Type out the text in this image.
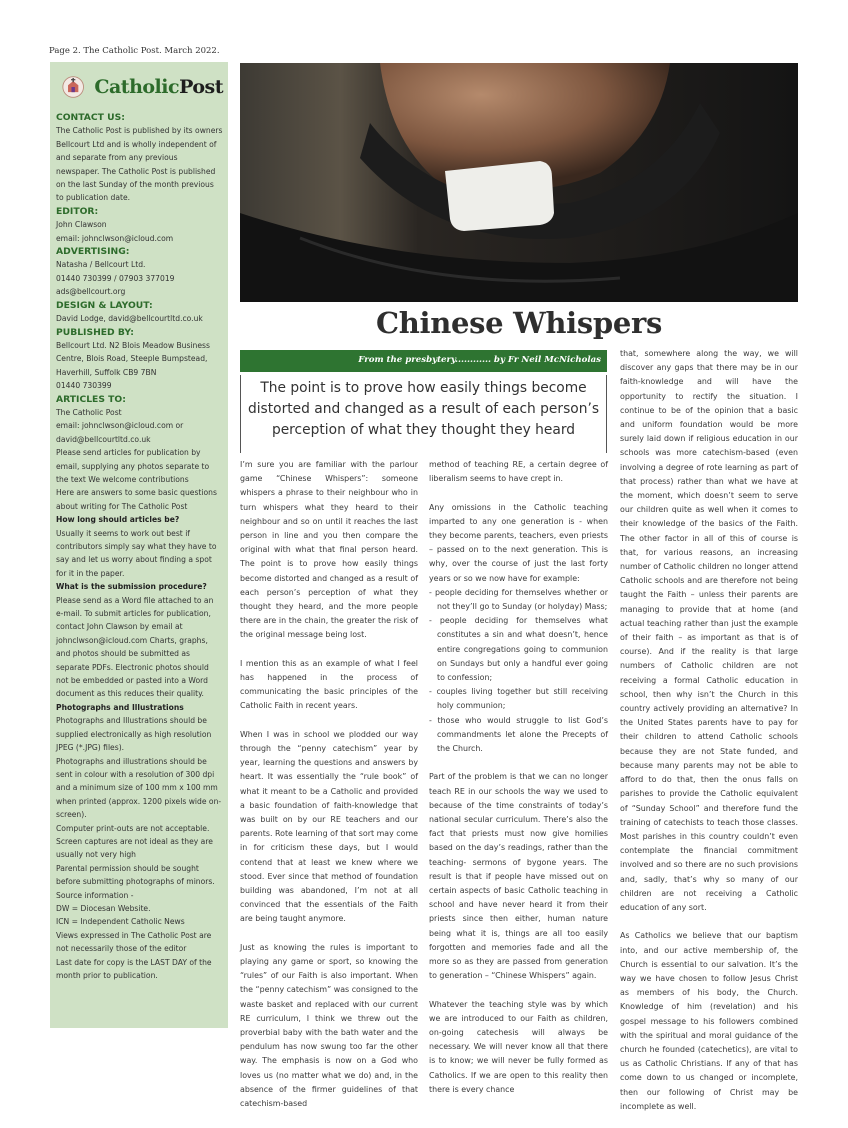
Page 2. The Catholic Post. March 2022.
CatholicPost
CONTACT US:
The Catholic Post is published by its owners Bellcourt Ltd and is wholly independent of and separate from any previous newspaper. The Catholic Post is published on the last Sunday of the month previous to publication date.
EDITOR:
John Clawson
email: johnclwson@icloud.com
ADVERTISING:
Natasha / Bellcourt Ltd.
01440 730399 / 07903 377019
ads@bellcourt.org
DESIGN & LAYOUT:
David Lodge, david@bellcourtltd.co.uk
PUBLISHED BY:
Bellcourt Ltd. N2 Blois Meadow Business Centre, Blois Road, Steeple Bumpstead, Haverhill, Suffolk CB9 7BN
01440 730399
ARTICLES TO:
The Catholic Post
email: johnclwson@icloud.com or david@bellcourtltd.co.uk
Please send articles for publication by email, supplying any photos separate to the text We welcome contributions
Here are answers to some basic questions about writing for The Catholic Post
How long should articles be?
Usually it seems to work out best if contributors simply say what they have to say and let us worry about finding a spot for it in the paper.
What is the submission procedure?
Please send as a Word file attached to an e-mail. To submit articles for publication, contact John Clawson by email at johnclwson@icloud.com Charts, graphs, and photos should be submitted as separate PDFs. Electronic photos should not be embedded or pasted into a Word document as this reduces their quality.
Photographs and Illustrations
Photographs and Illustrations should be supplied electronically as high resolution JPEG (*.JPG) files).
Photographs and illustrations should be sent in colour with a resolution of 300 dpi and a minimum size of 100 mm x 100 mm when printed (approx. 1200 pixels wide on-screen).
Computer print-outs are not acceptable. Screen captures are not ideal as they are usually not very high
Parental permission should be sought before submitting photographs of minors.
Source information -
DW = Diocesan Website.
ICN = Independent Catholic News
Views expressed in The Catholic Post are not necessarily those of the editor
Last date for copy is the LAST DAY of the month prior to publication.
Chinese Whispers
From the presbytery............ by Fr Neil McNicholas
The point is to prove how easily things become distorted and changed as a result of each person’s perception of what they thought they heard

I’m sure you are familiar with the parlour game “Chinese Whispers”: someone whispers a phrase to their neighbour who in turn whispers what they heard to their neighbour and so on until it reaches the last person in line and you then compare the original with what that final person heard. The point is to prove how easily things become distorted and changed as a result of each person’s perception of what they thought they heard, and the more people there are in the chain, the greater the risk of the original message being lost.

I mention this as an example of what I feel has happened in the process of communicating the basic principles of the Catholic Faith in recent years.

When I was in school we plodded our way through the “penny catechism” year by year, learning the questions and answers by heart. It was essentially the “rule book” of what it meant to be a Catholic and provided a basic foundation of faith-knowledge that was built on by our RE teachers and our parents. Rote learning of that sort may come in for criticism these days, but I would contend that at least we knew where we stood. Ever since that method of foundation building was abandoned, I’m not at all convinced that the essentials of the Faith are being taught anymore.

Just as knowing the rules is important to playing any game or sport, so knowing the “rules” of our Faith is also important. When the “penny catechism” was consigned to the waste basket and replaced with our current RE curriculum, I think we threw out the proverbial baby with the bath water and the pendulum has now swung too far the other way. The emphasis is now on a God who loves us (no matter what we do) and, in the absence of the firmer guidelines of that catechism-based

method of teaching RE, a certain degree of liberalism seems to have crept in.

Any omissions in the Catholic teaching imparted to any one generation is - when they become parents, teachers, even priests – passed on to the next generation. This is why, over the course of just the last forty years or so we now have for example:

- people deciding for themselves whether or not they’ll go to Sunday (or holyday) Mass;
- people deciding for themselves what constitutes a sin and what doesn’t, hence entire congregations going to communion on Sundays but only a handful ever going to confession;
- couples living together but still receiving holy communion;
- those who would struggle to list God’s commandments let alone the Precepts of the Church.

Part of the problem is that we can no longer teach RE in our schools the way we used to because of the time constraints of today’s national secular curriculum. There’s also the fact that priests must now give homilies based on the day’s readings, rather than the teaching- sermons of bygone years. The result is that if people have missed out on certain aspects of basic Catholic teaching in school and have never heard it from their priests since then either, human nature being what it is, things are all too easily forgotten and memories fade and all the more so as they are passed from generation to generation – “Chinese Whispers” again.

Whatever the teaching style was by which we are introduced to our Faith as children, on-going catechesis will always be necessary. We will never know all that there is to know; we will never be fully formed as Catholics. If we are open to this reality then there is every chance

that, somewhere along the way, we will discover any gaps that there may be in our faith-knowledge and will have the opportunity to rectify the situation. I continue to be of the opinion that a basic and uniform foundation would be more surely laid down if religious education in our schools was more catechism-based (even involving a degree of rote learning as part of that process) rather than what we have at the moment, which doesn’t seem to serve our children quite as well when it comes to their knowledge of the basics of the Faith. The other factor in all of this of course is that, for various reasons, an increasing number of Catholic children no longer attend Catholic schools and are therefore not being taught the Faith – unless their parents are managing to provide that at home (and actual teaching rather than just the example of their faith – as important as that is of course). And if the reality is that large numbers of Catholic children are not receiving a formal Catholic education in school, then why isn’t the Church in this country actively providing an alternative? In the United States parents have to pay for their children to attend Catholic schools because they are not State funded, and because many parents may not be able to afford to do that, then the onus falls on parishes to provide the Catholic equivalent of “Sunday School” and therefore fund the training of catechists to teach those classes. Most parishes in this country couldn’t even contemplate the financial commitment involved and so there are no such provisions and, sadly, that’s why so many of our children are not receiving a Catholic education of any sort.

As Catholics we believe that our baptism into, and our active membership of, the Church is essential to our salvation. It’s the way we have chosen to follow Jesus Christ as members of his body, the Church. Knowledge of him (revelation) and his gospel message to his followers combined with the spiritual and moral guidance of the church he founded (catechetics), are vital to us as Catholic Christians. If any of that has come down to us changed or incomplete, then our following of Christ may be incomplete as well.
